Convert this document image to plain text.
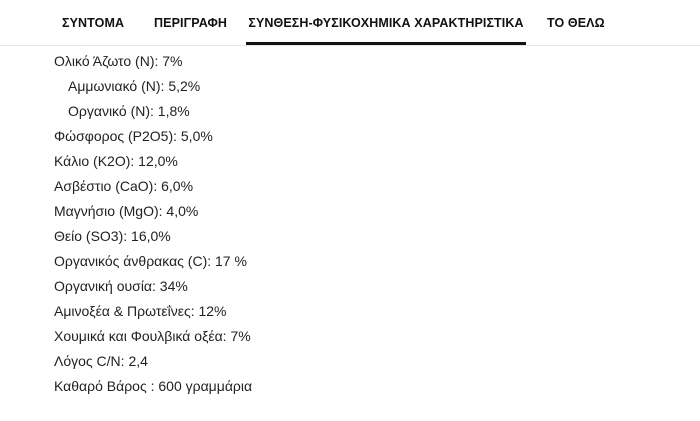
ΣΥΝΤΟΜΑ ΠΕΡΙΓΡΑΦΗ ΣΥΝΘΕΣΗ-ΦΥΣΙΚΟΧΗΜΙΚΑ ΧΑΡΑΚΤΗΡΙΣΤΙΚΑ ΤΟ ΘΕΛΩ
Ολικό Άζωτο (N): 7%
Αμμωνιακό (N): 5,2%
Οργανικό (N): 1,8%
Φώσφορος (P2O5): 5,0%
Κάλιο (K2O): 12,0%
Ασβέστιο (CaO): 6,0%
Μαγνήσιο (MgO): 4,0%
Θείο (SO3): 16,0%
Οργανικός άνθρακας (C): 17 %
Οργανική ουσία: 34%
Αμινοξέα & Πρωτεΐνες: 12%
Χουμικά και Φουλβικά οξέα: 7%
Λόγος C/N: 2,4
Καθαρό Βάρος : 600 γραμμάρια
